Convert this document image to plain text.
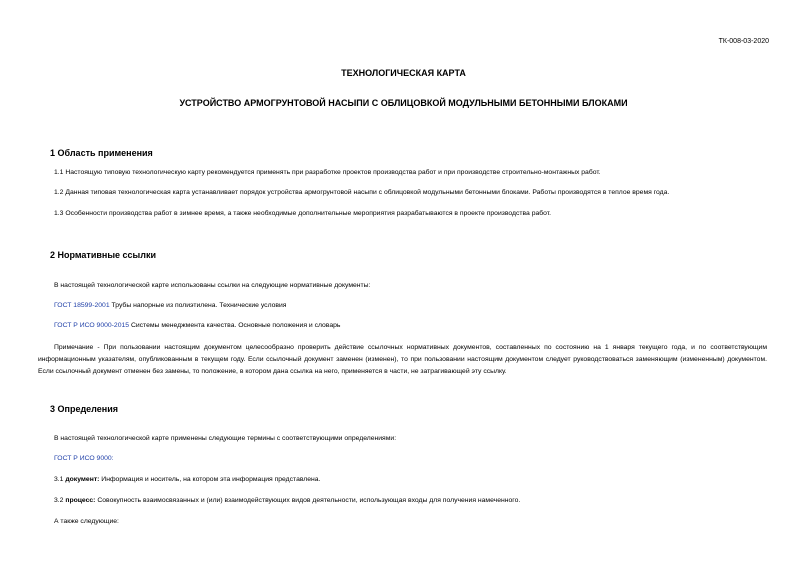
ТК-008-03-2020
ТЕХНОЛОГИЧЕСКАЯ КАРТА
УСТРОЙСТВО АРМОГРУНТОВОЙ НАСЫПИ С ОБЛИЦОВКОЙ МОДУЛЬНЫМИ БЕТОННЫМИ БЛОКАМИ
1 Область применения
1.1 Настоящую типовую технологическую карту рекомендуется применять при разработке проектов производства работ и при производстве строительно-монтажных работ.
1.2 Данная типовая технологическая карта устанавливает порядок устройства армогрунтовой насыпи с облицовкой модульными бетонными блоками. Работы производятся в теплое время года.
1.3 Особенности производства работ в зимнее время, а также необходимые дополнительные мероприятия разрабатываются в проекте производства работ.
2 Нормативные ссылки
В настоящей технологической карте использованы ссылки на следующие нормативные документы:
ГОСТ 18599-2001 Трубы напорные из полиэтилена. Технические условия
ГОСТ Р ИСО 9000-2015 Системы менеджмента качества. Основные положения и словарь
Примечание - При пользовании настоящим документом целесообразно проверить действие ссылочных нормативных документов, составленных по состоянию на 1 января текущего года, и по соответствующим информационным указателям, опубликованным в текущем году. Если ссылочный документ заменен (изменен), то при пользовании настоящим документом следует руководствоваться заменяющим (измененным) документом. Если ссылочный документ отменен без замены, то положение, в котором дана ссылка на него, применяется в части, не затрагивающей эту ссылку.
3 Определения
В настоящей технологической карте применены следующие термины с соответствующими определениями:
ГОСТ Р ИСО 9000:
3.1 документ: Информация и носитель, на котором эта информация представлена.
3.2 процесс: Совокупность взаимосвязанных и (или) взаимодействующих видов деятельности, использующая входы для получения намеченного.
А также следующие:
